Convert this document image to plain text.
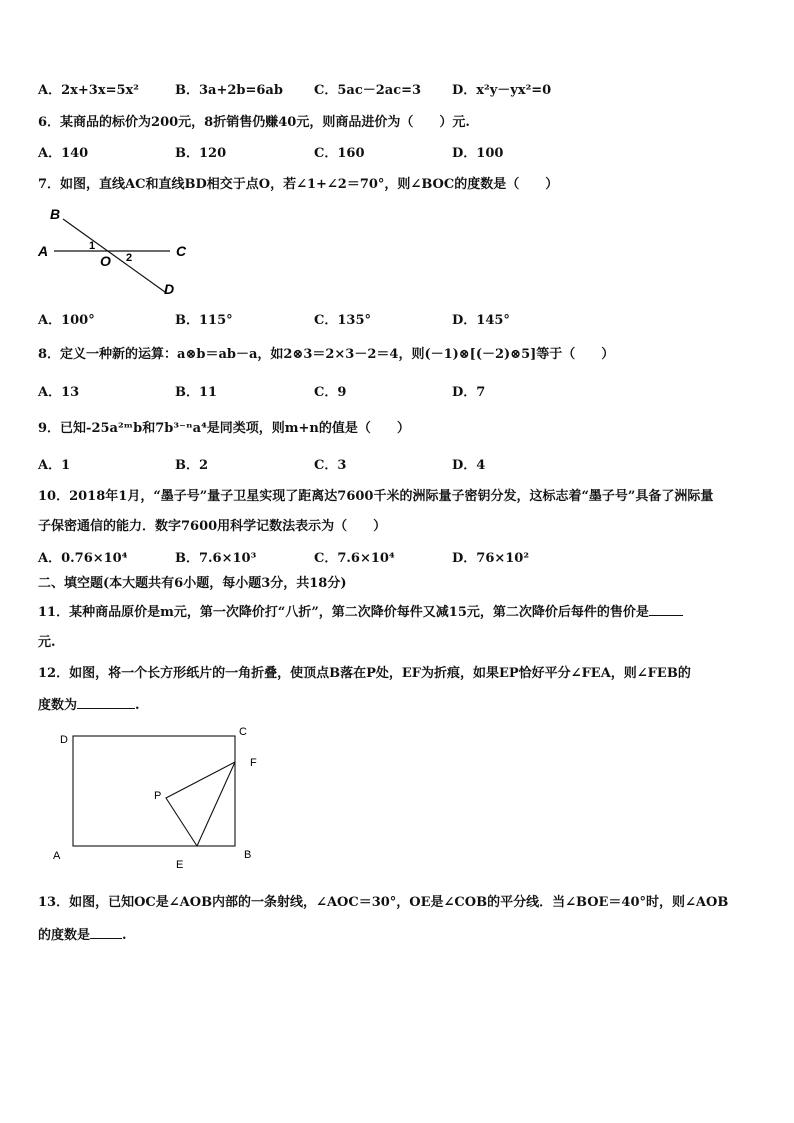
A．2x+3x=5x²	B．3a+2b=6ab C．5ac－2ac=3 D．x²y－yx²=0
6．某商品的标价为200元，8折销售仍赚40元，则商品进价为（　　）元.
A．140	B．120	C．160	D．100
7．如图，直线AC和直线BD相交于点O，若∠1+∠2＝70°，则∠BOC的度数是（　　）
B
A
O
C
D
1
2
A．100°	B．115°	C．135°	D．145°
8．定义一种新的运算：a⊗b＝ab－a，如2⊗3＝2×3－2＝4，则(－1)⊗[(－2)⊗5]等于（　　）
A．13	B．11	C．9	D．7
9．已知-25a²ᵐb和7b³⁻ⁿa⁴是同类项，则m+n的值是（　　）
A．1	B．2	C．3	D．4
10．2018年1月，“墨子号”量子卫星实现了距离达7600千米的洲际量子密钥分发，这标志着“墨子号”具备了洲际量
子保密通信的能力．数字7600用科学记数法表示为（　　）
A．0.76×10⁴	B．7.6×10³	C．7.6×10⁴	D．76×10²
二、填空题(本大题共有6小题，每小题3分，共18分)
11．某种商品原价是m元，第一次降价打“八折”，第二次降价每件又减15元，第二次降价后每件的售价是
元.
12．如图，将一个长方形纸片的一角折叠，使顶点B落在P处，EF为折痕，如果EP恰好平分∠FEA，则∠FEB的
度数为	.
D
C
F
P
A
E
B
13．如图，已知OC是∠AOB内部的一条射线，∠AOC＝30°，OE是∠COB的平分线．当∠BOE＝40°时，则∠AOB
的度数是 .
